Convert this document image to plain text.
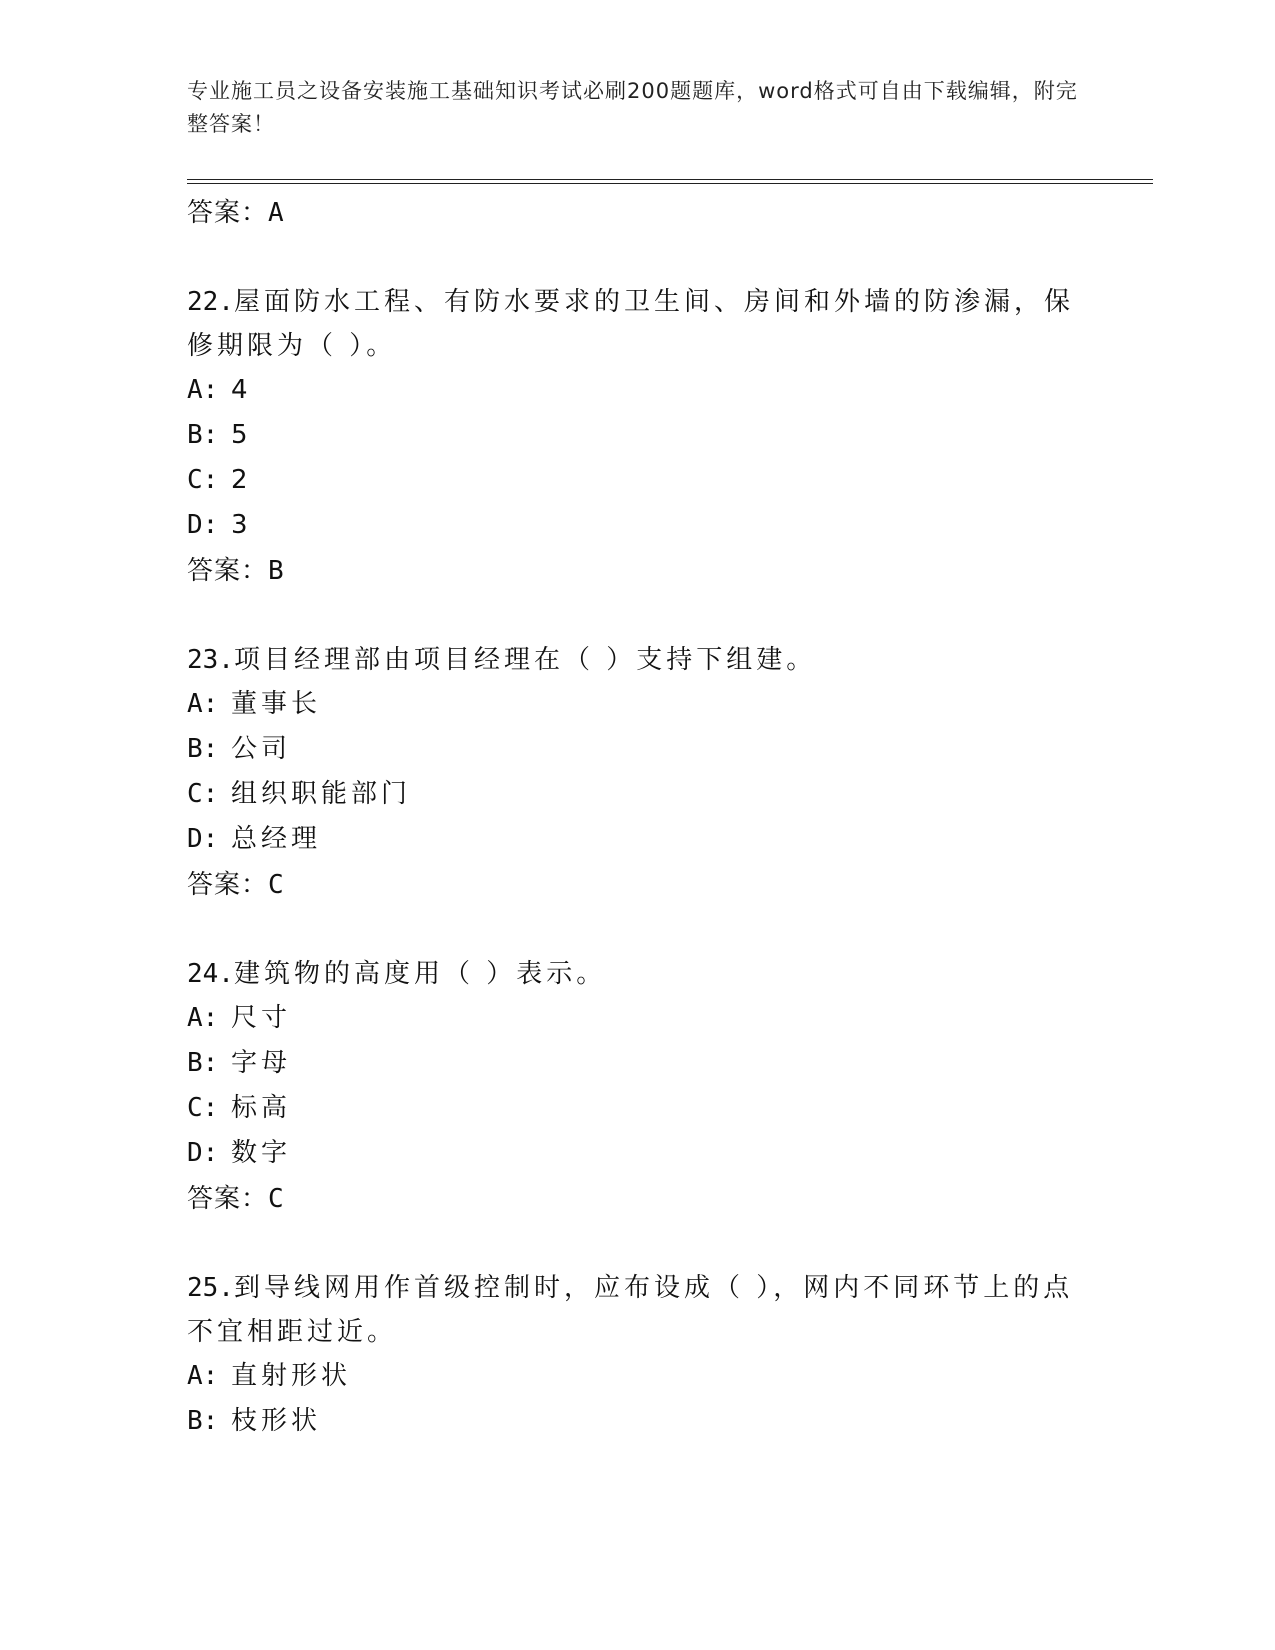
专业施工员之设备安装施工基础知识考试必刷200题题库，word格式可自由下载编辑，附完整答案！
答案：A
22.屋面防水工程、有防水要求的卫生间、房间和外墙的防渗漏，保修期限为（ ）。
A: 4
B: 5
C: 2
D: 3
答案：B
23.项目经理部由项目经理在（ ）支持下组建。
A: 董事长
B: 公司
C: 组织职能部门
D: 总经理
答案：C
24.建筑物的高度用（ ）表示。
A: 尺寸
B: 字母
C: 标高
D: 数字
答案：C
25.到导线网用作首级控制时，应布设成（ ），网内不同环节上的点不宜相距过近。
A: 直射形状
B: 枝形状
